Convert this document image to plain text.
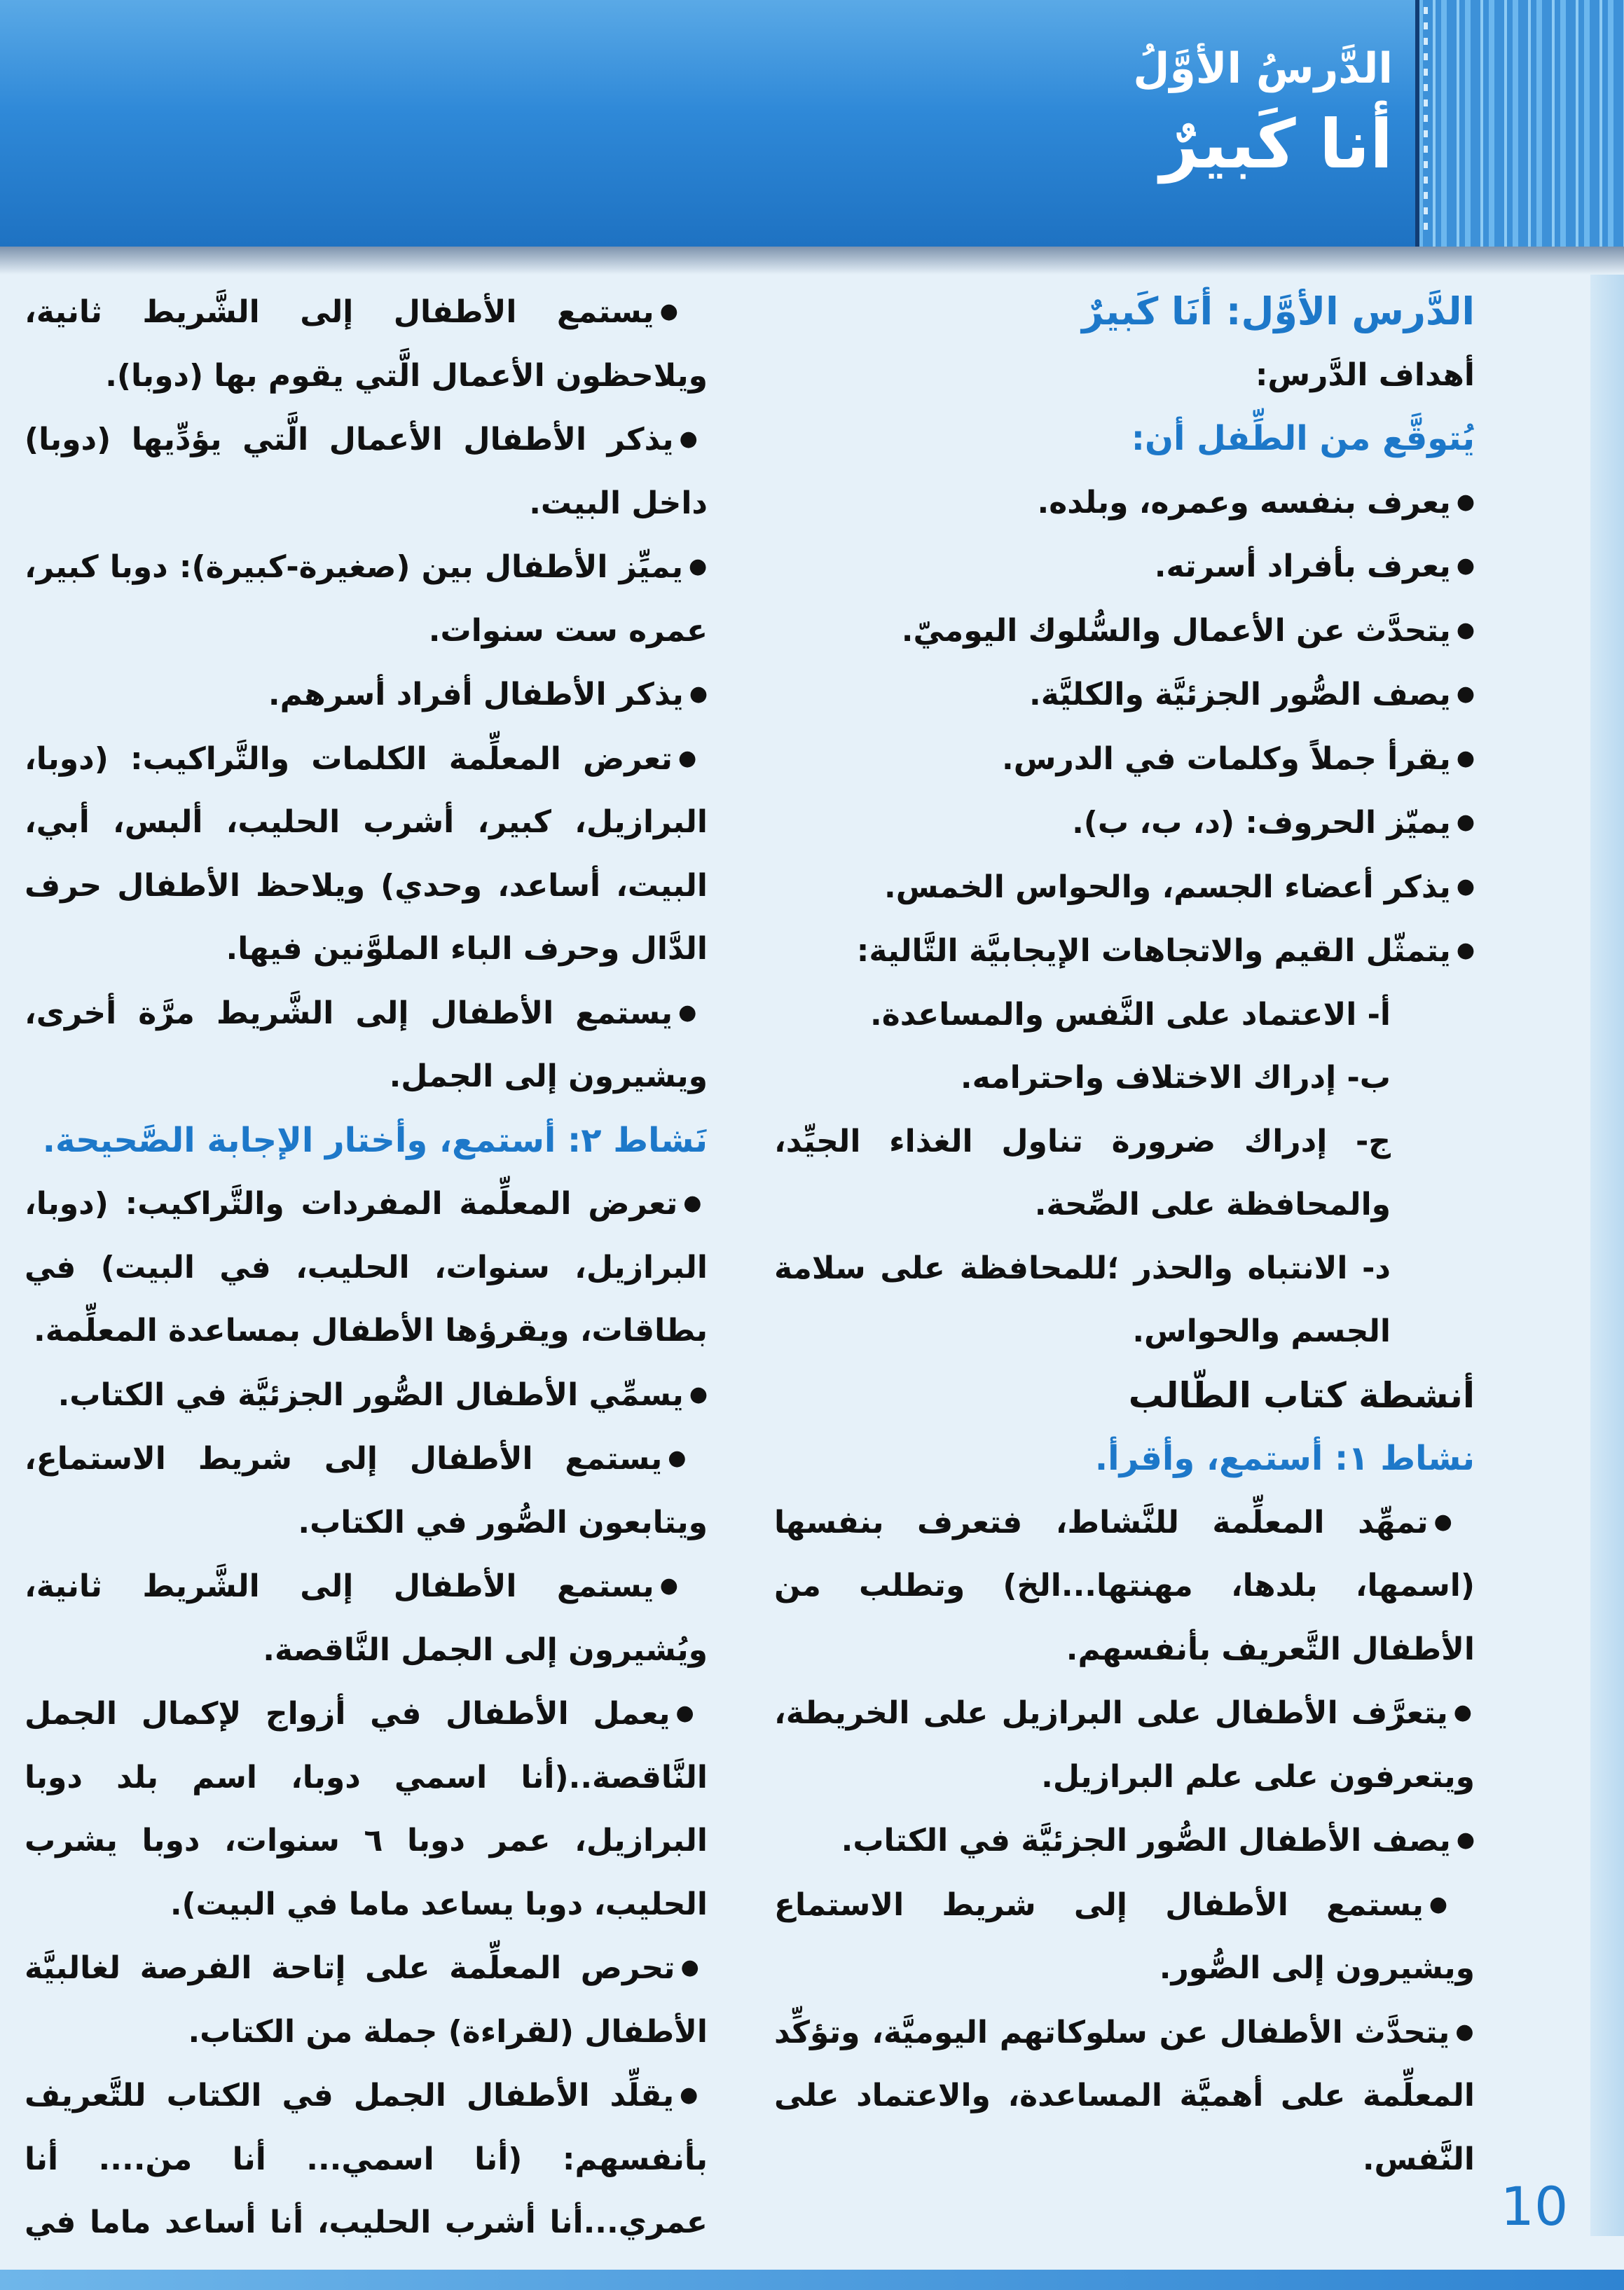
الدَّرسُ الأوَّلُ
أنا كَبيرٌ

الدَّرس الأوَّل: أنَا كَبيرٌ

أهداف الدَّرس:

يُتوقَّع من الطِّفل أن:

● يعرف بنفسه وعمره، وبلده.

● يعرف بأفراد أسرته.

● يتحدَّث عن الأعمال والسُّلوك اليوميّ.

● يصف الصُّور الجزئيَّة والكليَّة.

● يقرأ جملاً وكلمات في الدرس.

● يميّز الحروف: (د، ب، ب).

● يذكر أعضاء الجسم، والحواس الخمس.

● يتمثّل القيم والاتجاهات الإيجابيَّة التَّالية:

أ- الاعتماد على النَّفس والمساعدة.

ب- إدراك الاختلاف واحترامه.

ج- إدراك ضرورة تناول الغذاء الجيِّد، والمحافظة على الصِّحة.

د- الانتباه والحذر ؛للمحافظة على سلامة الجسم والحواس.

أنشطة كتاب الطّالب

نشاط ١: أستمع، وأقرأ.

● تمهِّد المعلِّمة للنَّشاط، فتعرف بنفسها (اسمها، بلدها، مهنتها...الخ) وتطلب من الأطفال التَّعريف بأنفسهم.

● يتعرَّف الأطفال على البرازيل على الخريطة، ويتعرفون على علم البرازيل.

● يصف الأطفال الصُّور الجزئيَّة في الكتاب.

● يستمع الأطفال إلى شريط الاستماع ويشيرون إلى الصُّور.

● يتحدَّث الأطفال عن سلوكاتهم اليوميَّة، وتؤكِّد المعلِّمة على أهميَّة المساعدة، والاعتماد على النَّفس.

● يستمع الأطفال إلى الشَّريط ثانية، ويلاحظون الأعمال الَّتي يقوم بها (دوبا).

● يذكر الأطفال الأعمال الَّتي يؤدِّيها (دوبا) داخل البيت.

● يميِّز الأطفال بين (صغيرة-كبيرة): دوبا كبير، عمره ست سنوات.

● يذكر الأطفال أفراد أسرهم.

● تعرض المعلِّمة الكلمات والتَّراكيب: (دوبا، البرازيل، كبير، أشرب الحليب، ألبس، أبي، البيت، أساعد، وحدي) ويلاحظ الأطفال حرف الدَّال وحرف الباء الملوَّنين فيها.

● يستمع الأطفال إلى الشَّريط مرَّة أخرى، ويشيرون إلى الجمل.

نَشاط ٢: أستمع، وأختار الإجابة الصَّحيحة.

● تعرض المعلِّمة المفردات والتَّراكيب: (دوبا، البرازيل، سنوات، الحليب، في البيت) في بطاقات، ويقرؤها الأطفال بمساعدة المعلِّمة.

● يسمِّي الأطفال الصُّور الجزئيَّة في الكتاب.

● يستمع الأطفال إلى شريط الاستماع، ويتابعون الصُّور في الكتاب.

● يستمع الأطفال إلى الشَّريط ثانية، ويُشيرون إلى الجمل النَّاقصة.

● يعمل الأطفال في أزواج لإكمال الجمل النَّاقصة..(أنا اسمي دوبا، اسم بلد دوبا البرازيل، عمر دوبا ٦ سنوات، دوبا يشرب الحليب، دوبا يساعد ماما في البيت).

● تحرص المعلِّمة على إتاحة الفرصة لغالبيَّة الأطفال (لقراءة) جملة من الكتاب.

● يقلِّد الأطفال الجمل في الكتاب للتَّعريف بأنفسهم: (أنا اسمي... أنا من.... أنا عمري...أنا أشرب الحليب، أنا أساعد ماما في	10
